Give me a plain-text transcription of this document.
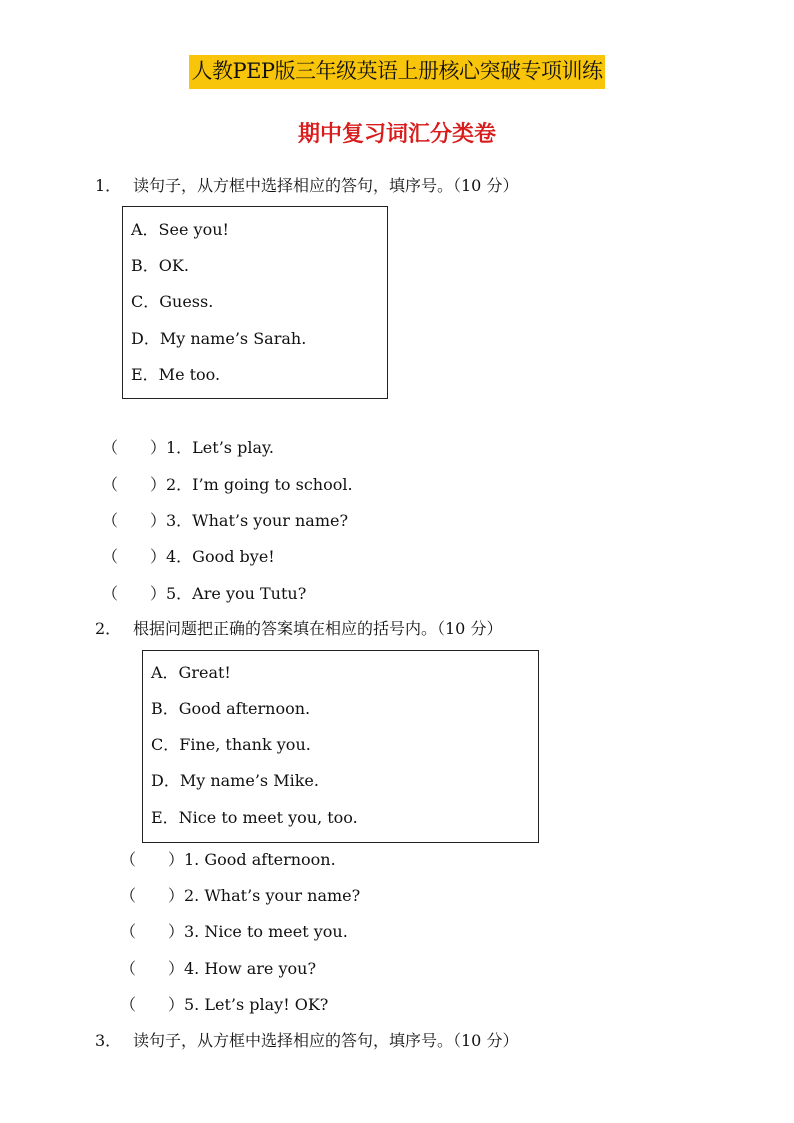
人教PEP版三年级英语上册核心突破专项训练
期中复习词汇分类卷
1． 读句子，从方框中选择相应的答句，填序号。（10 分）
A．See you!
B．OK.
C．Guess.
D．My name’s Sarah.
E．Me too.
（　　）1．Let’s play.
（　　）2．I’m going to school.
（　　）3．What’s your name?
（　　）4．Good bye!
（　　）5．Are you Tutu?
2． 根据问题把正确的答案填在相应的括号内。（10 分）
A．Great!
B．Good afternoon.
C．Fine, thank you.
D．My name’s Mike.
E．Nice to meet you, too.
（　　）1. Good afternoon.
（　　）2. What’s your name?
（　　）3. Nice to meet you.
（　　）4. How are you?
（　　）5. Let’s play! OK?
3． 读句子，从方框中选择相应的答句，填序号。（10 分）
